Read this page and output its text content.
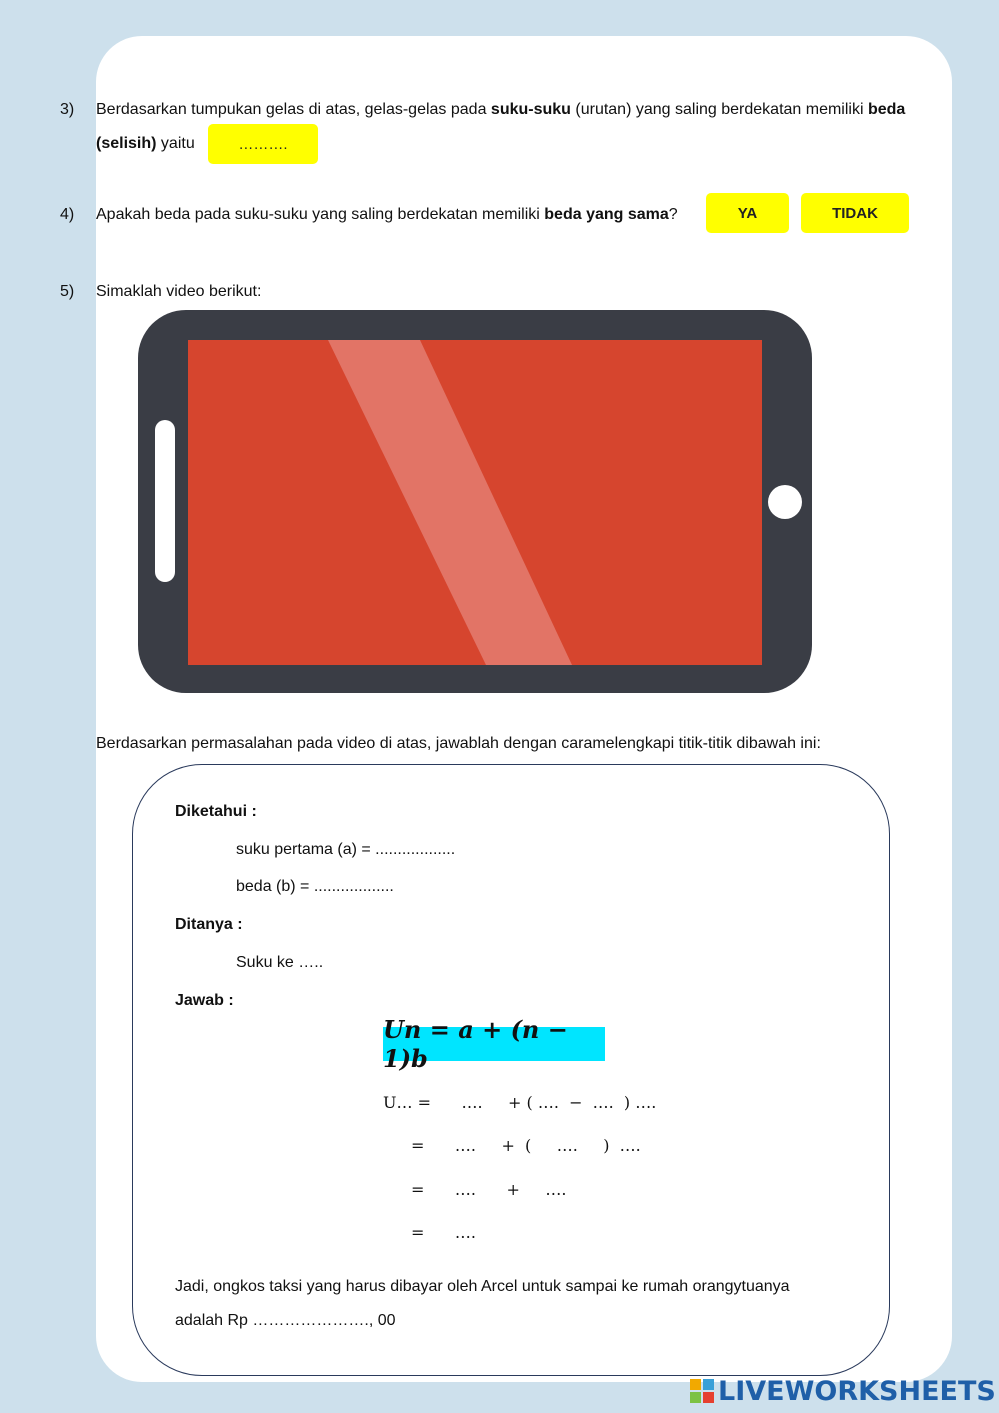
3) Berdasarkan tumpukan gelas di atas, gelas-gelas pada suku-suku (urutan) yang saling berdekatan memiliki beda
(selisih) yaitu	……….
4) Apakah beda pada suku-suku yang saling berdekatan memiliki beda yang sama?	YA	TIDAK
5) Simaklah video berikut:
Berdasarkan permasalahan pada video di atas, jawablah dengan caramelengkapi titik-titik dibawah ini:
Diketahui :
suku pertama (a) = ..................
beda (b) = ..................
Ditanya :
Suku ke …..
Jawab :
Un = a + (n − 1)b
U… =      ….     + ( ….  −  ….  ) ….
=      ….     +  (     ….     )  ….
=      ….      +     ….
=      ….
Jadi, ongkos taksi yang harus dibayar oleh Arcel untuk sampai ke rumah orangytuanya
adalah Rp …………………., 00
LIVEWORKSHEETS
